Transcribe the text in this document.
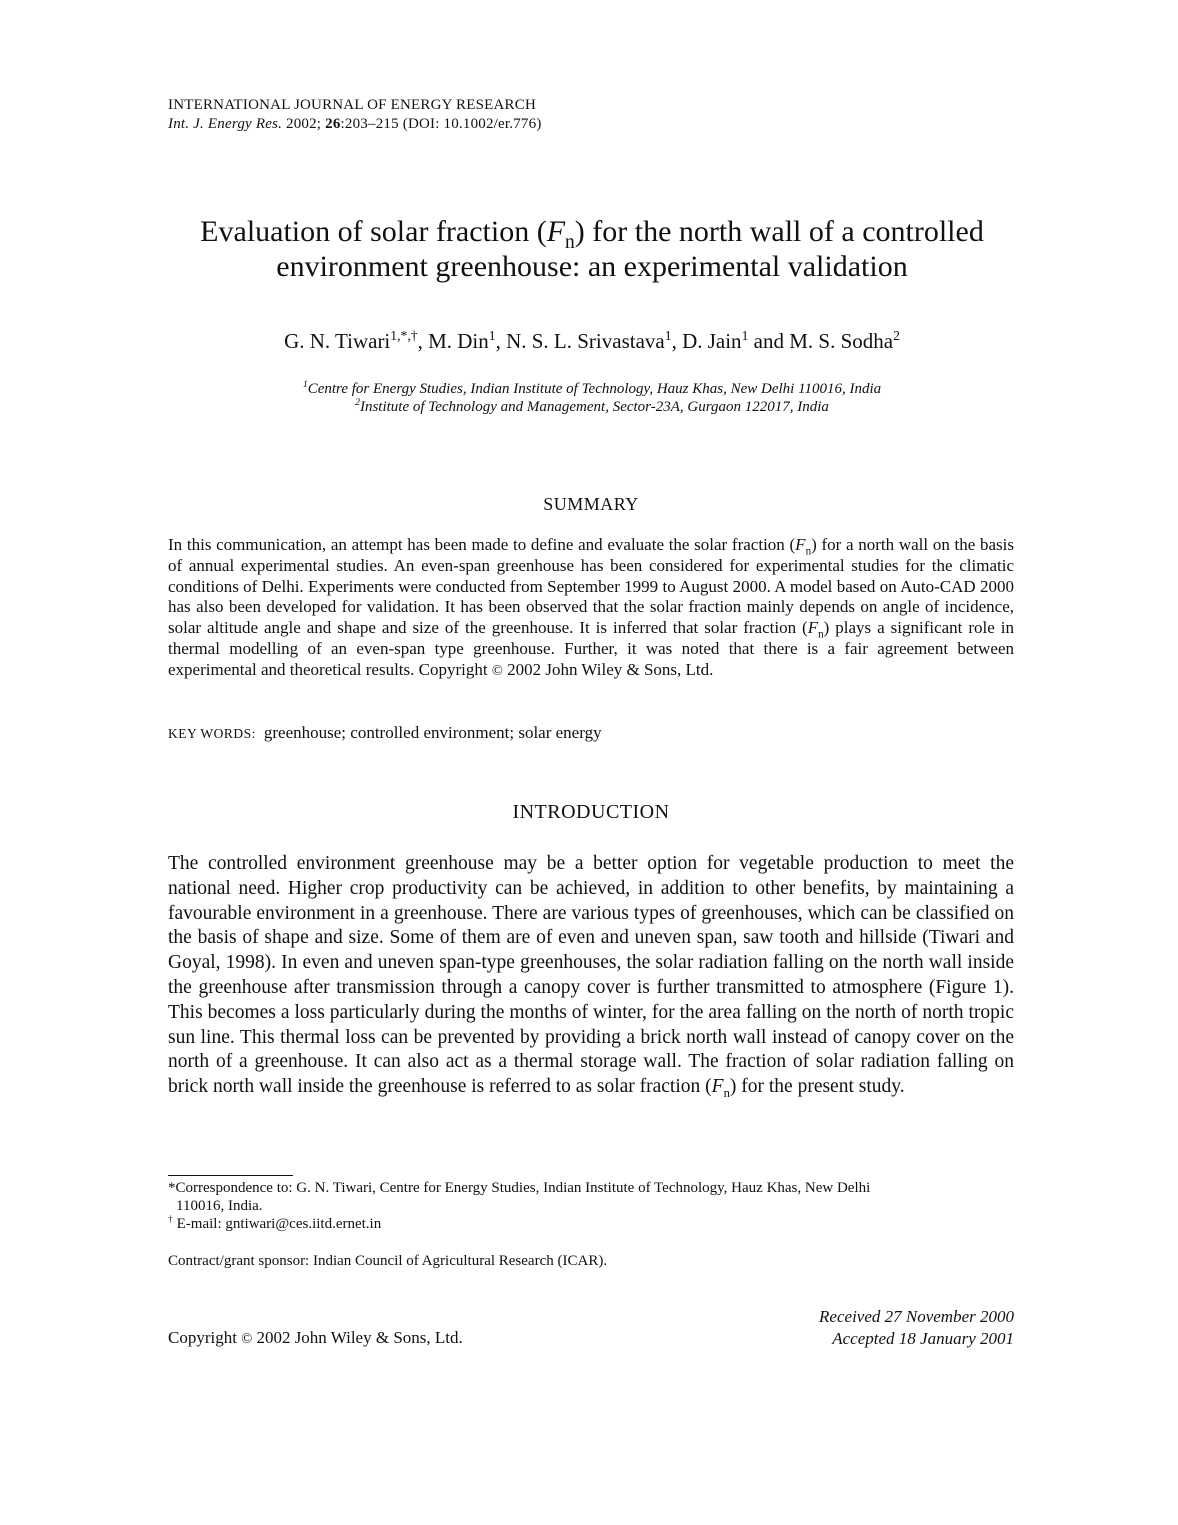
INTERNATIONAL JOURNAL OF ENERGY RESEARCH
Int. J. Energy Res. 2002; 26:203–215 (DOI: 10.1002/er.776)
Evaluation of solar fraction $(F_n)$ for the north wall of a controlled
environment greenhouse: an experimental validation
G. N. Tiwari$^{1,*,\dagger}$, M. Din$^1$, N. S. L. Srivastava$^1$, D. Jain$^1$ and M. S. Sodha$^2$
$^1$Centre for Energy Studies, Indian Institute of Technology, Hauz Khas, New Delhi 110016, India
$^2$Institute of Technology and Management, Sector-23A, Gurgaon 122017, India
SUMMARY
In this communication, an attempt has been made to define and evaluate the solar fraction $(F_n)$ for a north wall on the basis of annual experimental studies. An even-span greenhouse has been considered for experimental studies for the climatic conditions of Delhi. Experiments were conducted from September 1999 to August 2000. A model based on Auto-CAD 2000 has also been developed for validation. It has been observed that the solar fraction mainly depends on angle of incidence, solar altitude angle and shape and size of the greenhouse. It is inferred that solar fraction $(F_n)$ plays a significant role in thermal modelling of an even-span type greenhouse. Further, it was noted that there is a fair agreement between experimental and theoretical results. Copyright © 2002 John Wiley & Sons, Ltd.
KEY WORDS: greenhouse; controlled environment; solar energy
INTRODUCTION
The controlled environment greenhouse may be a better option for vegetable production to meet the national need. Higher crop productivity can be achieved, in addition to other benefits, by maintaining a favourable environment in a greenhouse. There are various types of greenhouses, which can be classified on the basis of shape and size. Some of them are of even and uneven span, saw tooth and hillside (Tiwari and Goyal, 1998). In even and uneven span-type greenhouses, the solar radiation falling on the north wall inside the greenhouse after transmission through a canopy cover is further transmitted to atmosphere (Figure 1). This becomes a loss particularly during the months of winter, for the area falling on the north of north tropic sun line. This thermal loss can be prevented by providing a brick north wall instead of canopy cover on the north of a greenhouse. It can also act as a thermal storage wall. The fraction of solar radiation falling on brick north wall inside the greenhouse is referred to as solar fraction $(F_n)$ for the present study.
*Correspondence to: G. N. Tiwari, Centre for Energy Studies, Indian Institute of Technology, Hauz Khas, New Delhi
110016, India.
† E-mail: gntiwari@ces.iitd.ernet.in
Contract/grant sponsor: Indian Council of Agricultural Research (ICAR).
Copyright © 2002 John Wiley & Sons, Ltd.
Received 27 November 2000
Accepted 18 January 2001
